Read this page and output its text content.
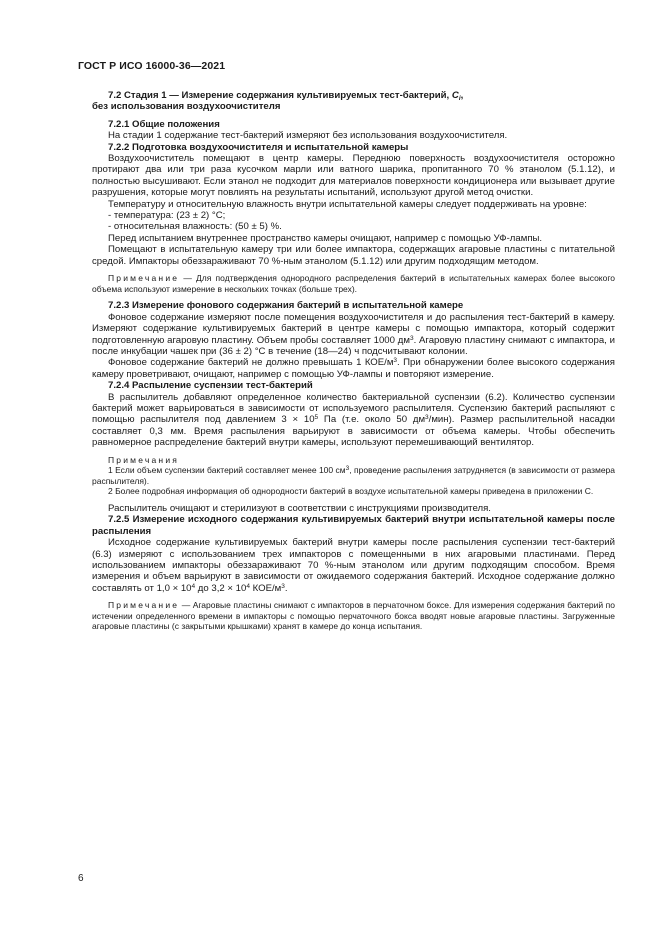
ГОСТ Р ИСО 16000-36—2021

7.2 Стадия 1 — Измерение содержания культивируемых тест-бактерий, $C_i$,
без использования воздухоочистителя

7.2.1 Общие положения

На стадии 1 содержание тест-бактерий измеряют без использования воздухоочистителя.

7.2.2 Подготовка воздухоочистителя и испытательной камеры

Воздухоочиститель помещают в центр камеры. Переднюю поверхность воздухоочистителя осторожно протирают два или три раза кусочком марли или ватного шарика, пропитанного 70 % этанолом (5.1.12), и полностью высушивают. Если этанол не подходит для материалов поверхности кондиционера или вызывает другие разрушения, которые могут повлиять на результаты испытаний, используют другой метод очистки.

Температуру и относительную влажность внутри испытательной камеры следует поддерживать на уровне:

- температура: (23 ± 2) °C;

- относительная влажность: (50 ± 5) %.

Перед испытанием внутреннее пространство камеры очищают, например с помощью УФ-лампы.

Помещают в испытательную камеру три или более импактора, содержащих агаровые пластины с питательной средой. Импакторы обеззараживают 70 %-ным этанолом (5.1.12) или другим подходящим методом.

Примечание — Для подтверждения однородного распределения бактерий в испытательных камерах более высокого объема используют измерение в нескольких точках (больше трех).

7.2.3 Измерение фонового содержания бактерий в испытательной камере

Фоновое содержание измеряют после помещения воздухоочистителя и до распыления тест-бактерий в камеру. Измеряют содержание культивируемых бактерий в центре камеры с помощью импактора, который содержит подготовленную агаровую пластину. Объем пробы составляет 1000 $дм^3$. Агаровую пластину снимают с импактора, и после инкубации чашек при (36 ± 2) °C в течение (18—24) ч подсчитывают колонии.

Фоновое содержание бактерий не должно превышать 1 КОЕ/$м^3$. При обнаружении более высокого содержания камеру проветривают, очищают, например с помощью УФ-лампы и повторяют измерение.

7.2.4 Распыление суспензии тест-бактерий

В распылитель добавляют определенное количество бактериальной суспензии (6.2). Количество суспензии бактерий может варьироваться в зависимости от используемого распылителя. Суспензию бактерий распыляют с помощью распылителя под давлением $3 \times 10^5$ Па (т.е. около 50 $дм^3/мин$). Размер распылительной насадки составляет 0,3 мм. Время распыления варьируют в зависимости от объема камеры. Чтобы обеспечить равномерное распределение бактерий внутри камеры, используют перемешивающий вентилятор.

Примечания

1 Если объем суспензии бактерий составляет менее 100 $см^3$, проведение распыления затрудняется (в зависимости от размера распылителя).

2 Более подробная информация об однородности бактерий в воздухе испытательной камеры приведена в приложении С.

Распылитель очищают и стерилизуют в соответствии с инструкциями производителя.

7.2.5 Измерение исходного содержания культивируемых бактерий внутри испытательной камеры после распыления

Исходное содержание культивируемых бактерий внутри камеры после распыления суспензии тест-бактерий (6.3) измеряют с использованием трех импакторов с помещенными в них агаровыми пластинами. Перед использованием импакторы обеззараживают 70 %-ным этанолом или другим подходящим способом. Время измерения и объем варьируют в зависимости от ожидаемого содержания бактерий. Исходное содержание должно составлять от $1,0 \times 10^4$ до $3,2 \times 10^4$ КОЕ/$м^3$.

Примечание — Агаровые пластины снимают с импакторов в перчаточном боксе. Для измерения содержания бактерий по истечении определенного времени в импакторы с помощью перчаточного бокса вводят новые агаровые пластины. Загруженные агаровые пластины (с закрытыми крышками) хранят в камере до конца испытания.

6
